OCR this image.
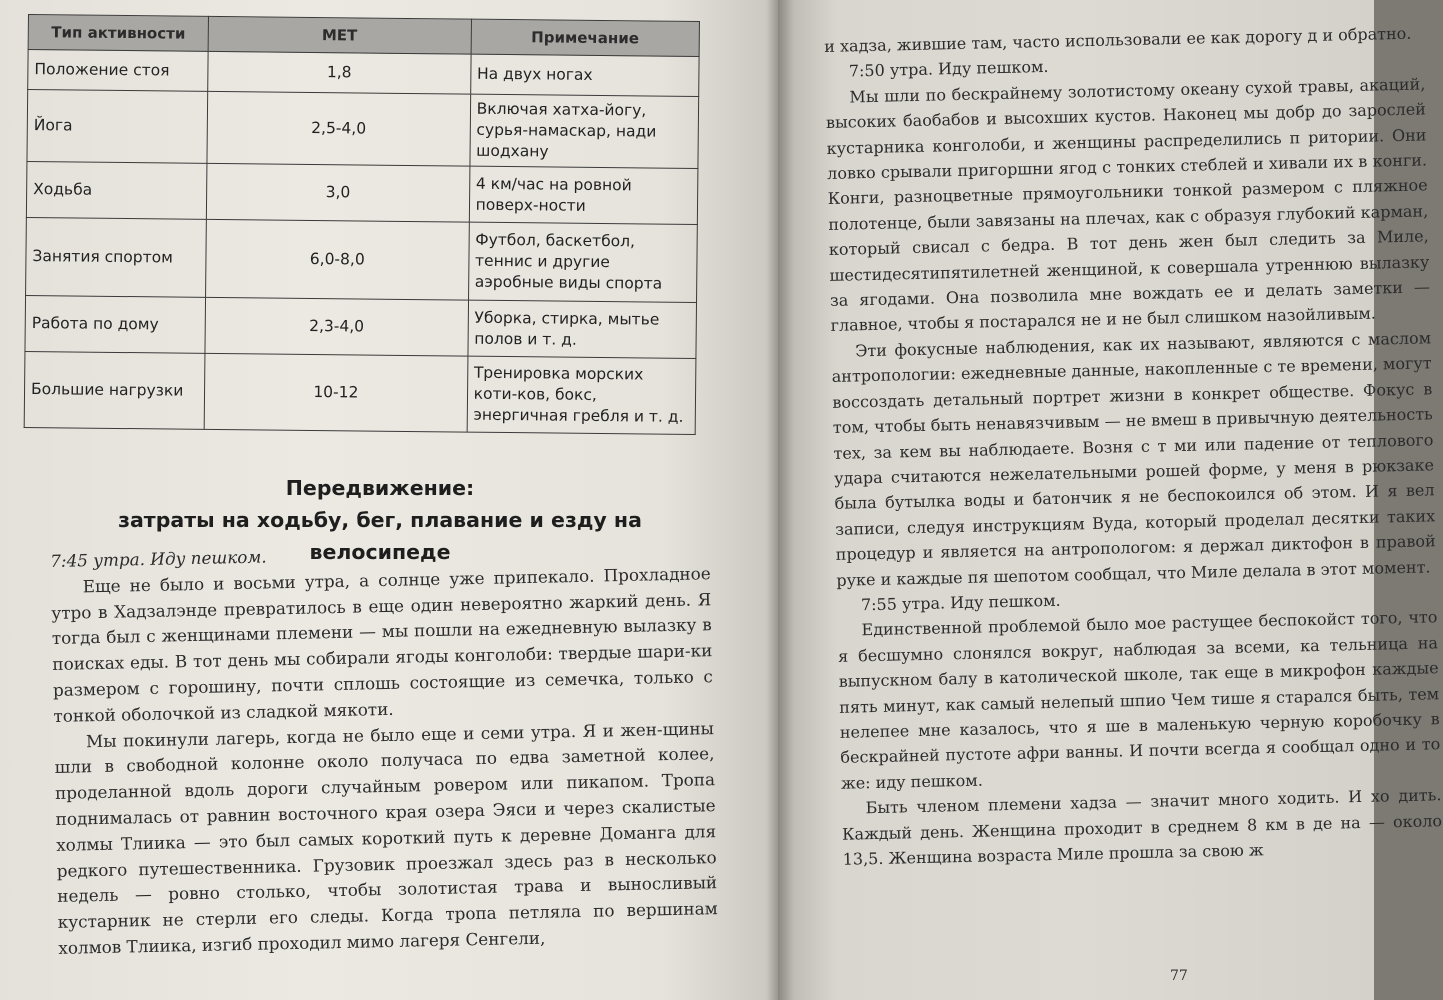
Тип активности	МЕТ	Примечание
Положение стоя	1,8	На двух ногах
Йога	2,5-4,0	Включая хатха-йогу, сурья-намаскар, нади шодхану
Ходьба	3,0	4 км/час на ровной поверх-ности
Занятия спортом	6,0-8,0	Футбол, баскетбол, теннис и другие аэробные виды спорта
Работа по дому	2,3-4,0	Уборка, стирка, мытье полов и т. д.
Большие нагрузки	10-12	Тренировка морских коти-ков, бокс, энергичная гребля и т. д.
Передвижение:
затраты на ходьбу, бег, плавание и езду на велосипеде

7:45 утра. Иду пешком.

Еще не было и восьми утра, а солнце уже припекало. Прохладное утро в Хадзалэнде превратилось в еще один невероятно жаркий день. Я тогда был с женщинами племени — мы пошли на ежедневную вылазку в поисках еды. В тот день мы собирали ягоды конголоби: твердые шари-ки размером с горошину, почти сплошь состоящие из семечка, только с тонкой оболочкой из сладкой мякоти.

Мы покинули лагерь, когда не было еще и семи утра. Я и жен-щины шли в свободной колонне около получаса по едва заметной колее, проделанной вдоль дороги случайным ровером или пикапом. Тропа поднималась от равнин восточного края озера Эяси и через скалистые холмы Тлиика — это был самых короткий путь к деревне Доманга для редкого путешественника. Грузовик проезжал здесь раз в несколько недель — ровно столько, чтобы золотистая трава и выносливый кустарник не стерли его следы. Когда тропа петляла по вершинам холмов Тлиика, изгиб проходил мимо лагеря Сенгели,

и хадза, жившие там, часто использовали ее как дорогу д и обратно.

7:50 утра. Иду пешком.

Мы шли по бескрайнему золотистому океану сухой травы, акаций, высоких баобабов и высохших кустов. Наконец мы добр до зарослей кустарника конголоби, и женщины распределились п ритории. Они ловко срывали пригоршни ягод с тонких стеблей и хивали их в конги. Конги, разноцветные прямоугольники тонкой размером с пляжное полотенце, были завязаны на плечах, как с образуя глубокий карман, который свисал с бедра. В тот день жен был следить за Миле, шестидесятипятилетней женщиной, к совершала утреннюю вылазку за ягодами. Она позволила мне вождать ее и делать заметки — главное, чтобы я постарался не и не был слишком назойливым.

Эти фокусные наблюдения, как их называют, являются с маслом антропологии: ежедневные данные, накопленные с те времени, могут воссоздать детальный портрет жизни в конкрет обществе. Фокус в том, чтобы быть ненавязчивым — не вмеш в привычную деятельность тех, за кем вы наблюдаете. Возня с т ми или падение от теплового удара считаются нежелательными рошей форме, у меня в рюкзаке была бутылка воды и батончик я не беспокоился об этом. И я вел записи, следуя инструкциям Вуда, который проделал десятки таких процедур и является на антропологом: я держал диктофон в правой руке и каждые пя шепотом сообщал, что Миле делала в этот момент.

7:55 утра. Иду пешком.

Единственной проблемой было мое растущее беспокойст того, что я бесшумно слонялся вокруг, наблюдая за всеми, ка тельница на выпускном балу в католической школе, так еще в микрофон каждые пять минут, как самый нелепый шпио Чем тише я старался быть, тем нелепее мне казалось, что я ше в маленькую черную коробочку в бескрайней пустоте афри ванны. И почти всегда я сообщал одно и то же: иду пешком.

Быть членом племени хадза — значит много ходить. И хо дить. Каждый день. Женщина проходит в среднем 8 км в де на — около 13,5. Женщина возраста Миле прошла за свою ж

77
